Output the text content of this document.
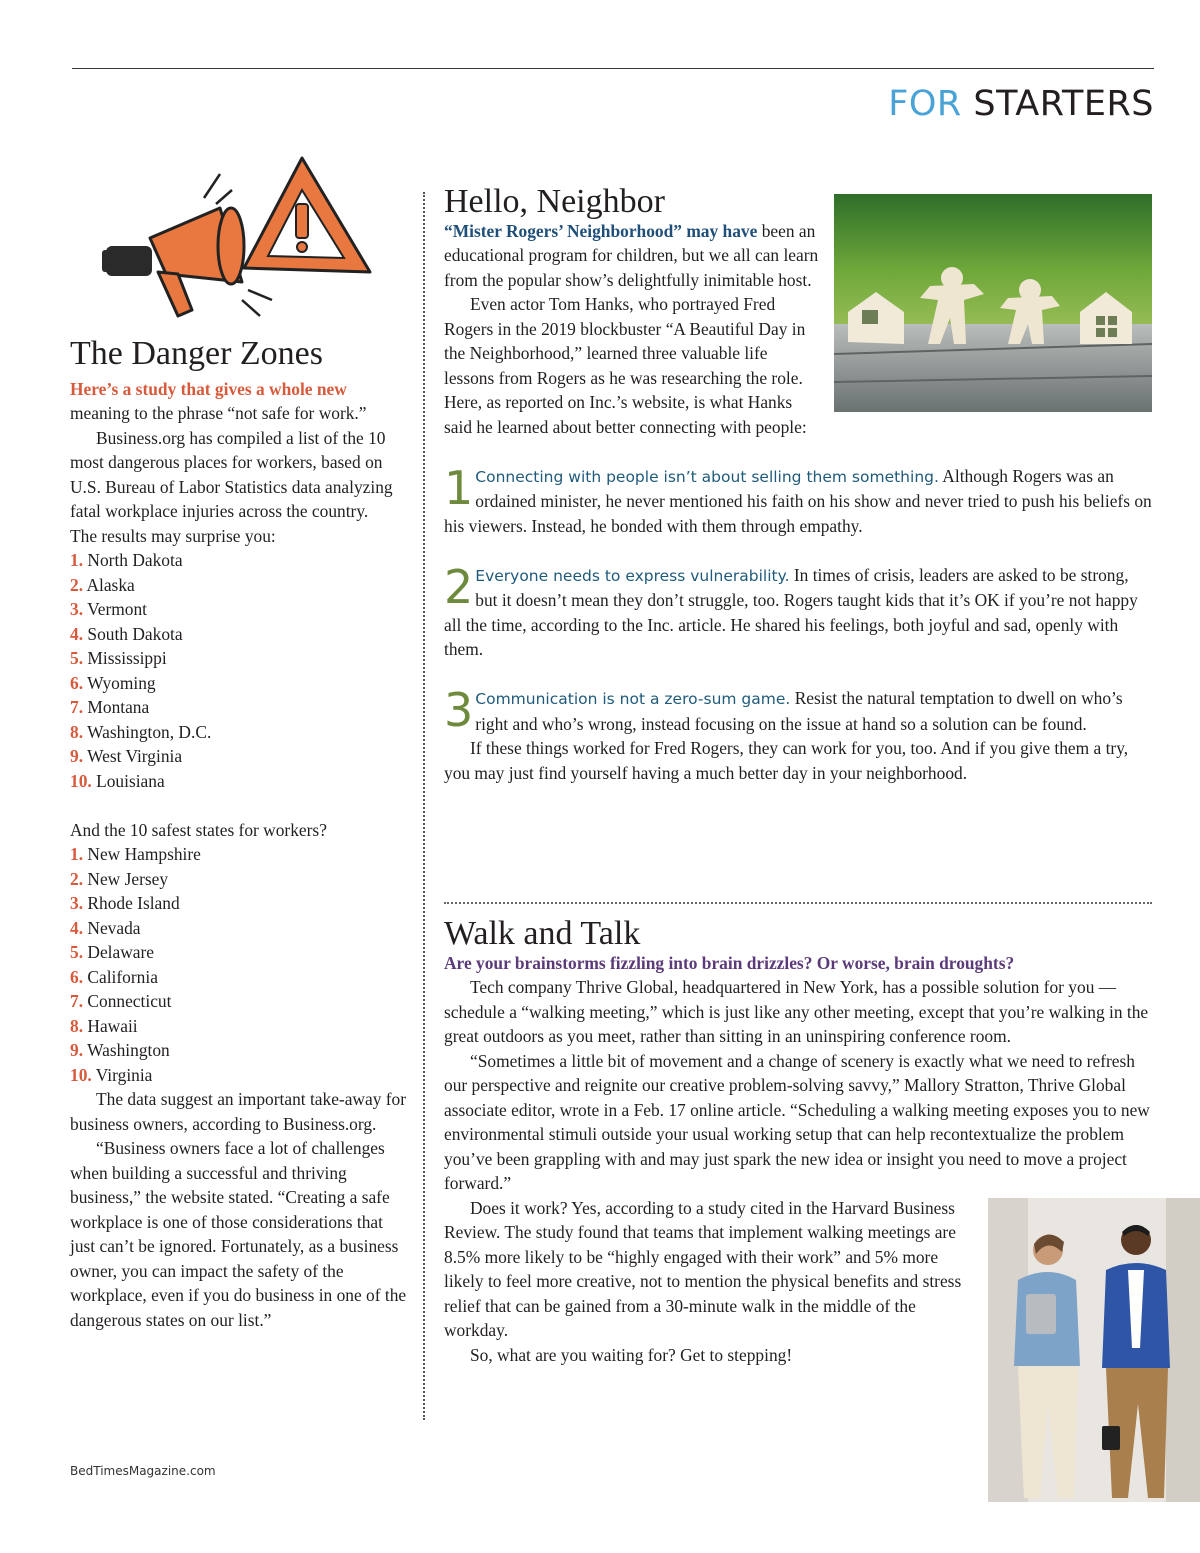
FOR STARTERS
The Danger Zones

Here’s a study that gives a whole new meaning to the phrase “not safe for work.”

Business.org has compiled a list of the 10 most dangerous places for workers, based on U.S. Bureau of Labor Statistics data analyzing fatal workplace injuries across the country.

The results may surprise you:

1. North Dakota
2. Alaska
3. Vermont
4. South Dakota
5. Mississippi
6. Wyoming
7. Montana
8. Washington, D.C.
9. West Virginia
10. Louisiana

And the 10 safest states for workers?

1. New Hampshire
2. New Jersey
3. Rhode Island
4. Nevada
5. Delaware
6. California
7. Connecticut
8. Hawaii
9. Washington
10. Virginia

The data suggest an important take-away for business owners, according to Business.org.

“Business owners face a lot of challenges when building a successful and thriving business,” the website stated. “Creating a safe workplace is one of those considerations that just can’t be ignored. Fortunately, as a business owner, you can impact the safety of the workplace, even if you do business in one of the dangerous states on our list.”

Hello, Neighbor

“Mister Rogers’ Neighborhood” may have been an educational program for children, but we all can learn from the popular show’s delightfully inimitable host.

Even actor Tom Hanks, who portrayed Fred Rogers in the 2019 blockbuster “A Beautiful Day in the Neighborhood,” learned three valuable life lessons from Rogers as he was researching the role. Here, as reported on Inc.’s website, is what Hanks said he learned about better connecting with people:

1 Connecting with people isn’t about selling them something. Although Rogers was an ordained minister, he never mentioned his faith on his show and never tried to push his beliefs on his viewers. Instead, he bonded with them through empathy.
2 Everyone needs to express vulnerability. In times of crisis, leaders are asked to be strong, but it doesn’t mean they don’t struggle, too. Rogers taught kids that it’s OK if you’re not happy all the time, according to the Inc. article. He shared his feelings, both joyful and sad, openly with them.
3 Communication is not a zero-sum game. Resist the natural temptation to dwell on who’s right and who’s wrong, instead focusing on the issue at hand so a solution can be found.

If these things worked for Fred Rogers, they can work for you, too. And if you give them a try, you may just find yourself having a much better day in your neighborhood.

Walk and Talk

Are your brainstorms fizzling into brain drizzles? Or worse, brain droughts?

Tech company Thrive Global, headquartered in New York, has a possible solution for you — schedule a “walking meeting,” which is just like any other meeting, except that you’re walking in the great outdoors as you meet, rather than sitting in an uninspiring conference room.

“Sometimes a little bit of movement and a change of scenery is exactly what we need to refresh our perspective and reignite our creative problem-solving savvy,” Mallory Stratton, Thrive Global associate editor, wrote in a Feb. 17 online article. “Scheduling a walking meeting exposes you to new environmental stimuli outside your usual working setup that can help recontextualize the problem you’ve been grappling with and may just spark the new idea or insight you need to move a project forward.”

Does it work? Yes, according to a study cited in the Harvard Business Review. The study found that teams that implement walking meetings are 8.5% more likely to be “highly engaged with their work” and 5% more likely to feel more creative, not to mention the physical benefits and stress relief that can be gained from a 30-minute walk in the middle of the workday.

So, what are you waiting for? Get to stepping!

BedTimesMagazine.com
